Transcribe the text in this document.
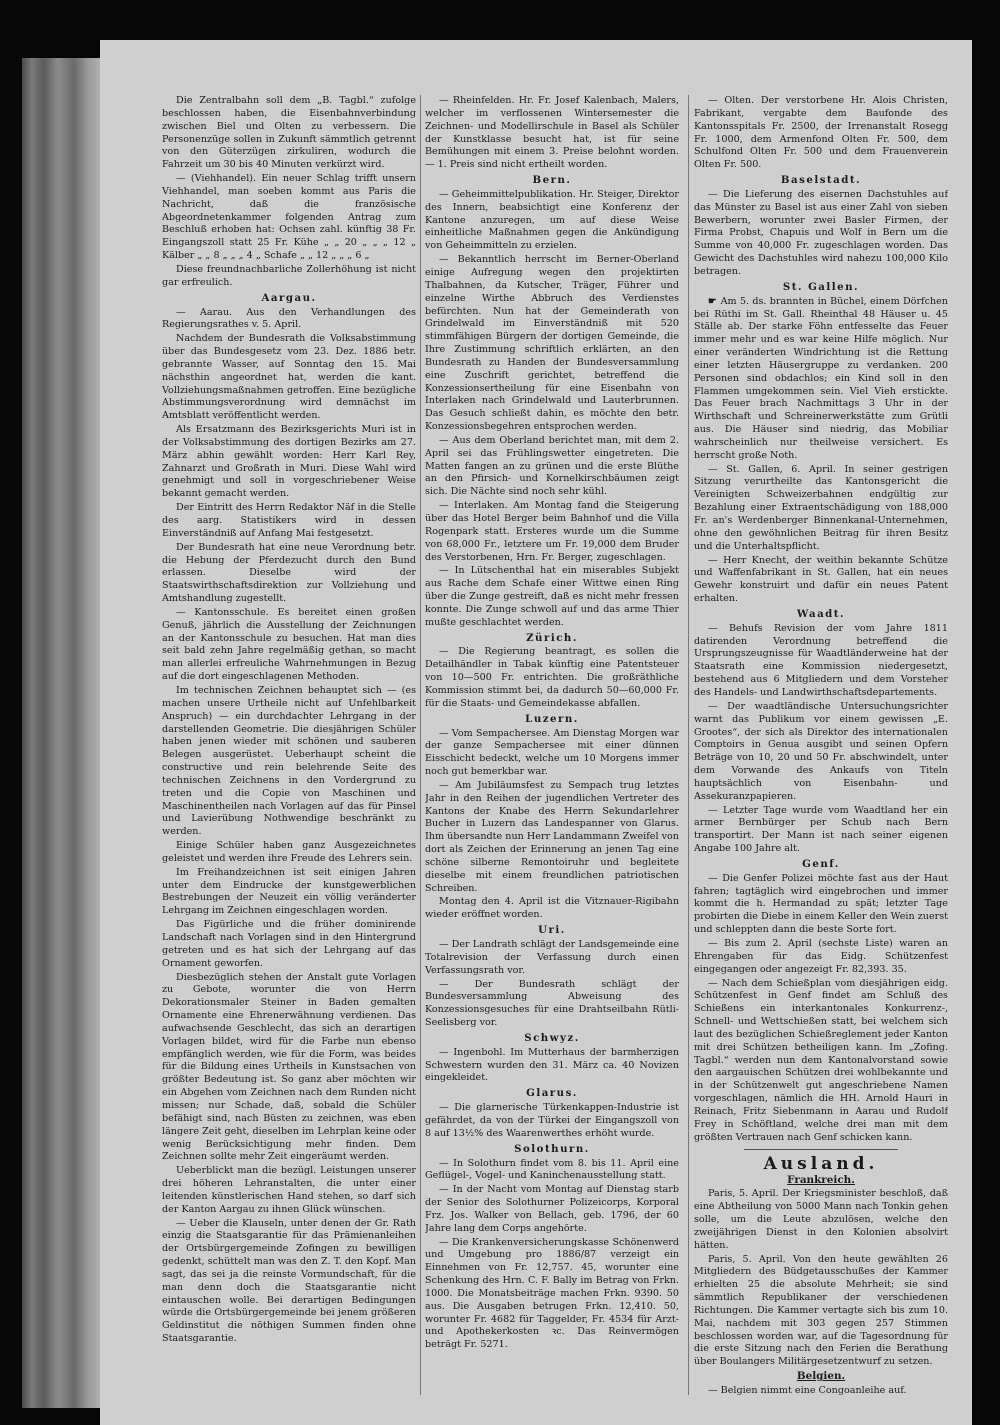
Die Zentralbahn soll dem „B. Tagbl.“ zufolge beschlossen haben, die Eisenbahnverbindung zwischen Biel und Olten zu verbessern. Die Personenzüge sollen in Zukunft sämmtlich getrennt von den Güterzügen zirkuliren, wodurch die Fahrzeit um 30 bis 40 Minuten verkürzt wird.

— (Viehhandel). Ein neuer Schlag trifft unsern Viehhandel, man soeben kommt aus Paris die Nachricht, daß die französische Abgeordnetenkammer folgenden Antrag zum Beschluß erhoben hat: Ochsen zahl. künftig 38 Fr. Eingangszoll statt 25 Fr. Kühe „ „ 20 „ „ „ 12 „ Kälber „ „ 8 „ „ „ 4 „ Schafe „ „ 12 „ „ „ 6 „

Diese freundnachbarliche Zollerhöhung ist nicht gar erfreulich.

Aargau.

— Aarau. Aus den Verhandlungen des Regierungsrathes v. 5. April.

Nachdem der Bundesrath die Volksabstimmung über das Bundesgesetz vom 23. Dez. 1886 betr. gebrannte Wasser, auf Sonntag den 15. Mai nächsthin angeordnet hat, werden die kant. Vollziehungsmaßnahmen getroffen. Eine bezügliche Abstimmungsverordnung wird demnächst im Amtsblatt veröffentlicht werden.

Als Ersatzmann des Bezirksgerichts Muri ist in der Volksabstimmung des dortigen Bezirks am 27. März abhin gewählt worden: Herr Karl Rey, Zahnarzt und Großrath in Muri. Diese Wahl wird genehmigt und soll in vorgeschriebener Weise bekannt gemacht werden.

Der Eintritt des Herrn Redaktor Näf in die Stelle des aarg. Statistikers wird in dessen Einverständniß auf Anfang Mai festgesetzt.

Der Bundesrath hat eine neue Verordnung betr. die Hebung der Pferdezucht durch den Bund erlassen. Dieselbe wird der Staatswirthschaftsdirektion zur Vollziehung und Amtshandlung zugestellt.

— Kantonsschule. Es bereitet einen großen Genuß, jährlich die Ausstellung der Zeichnungen an der Kantonsschule zu besuchen. Hat man dies seit bald zehn Jahre regelmäßig gethan, so macht man allerlei erfreuliche Wahrnehmungen in Bezug auf die dort eingeschlagenen Methoden.

Im technischen Zeichnen behauptet sich — (es machen unsere Urtheile nicht auf Unfehlbarkeit Anspruch) — ein durchdachter Lehrgang in der darstellenden Geometrie. Die diesjährigen Schüler haben jenen wieder mit schönen und sauberen Belegen ausgerüstet. Ueberhaupt scheint die constructive und rein belehrende Seite des technischen Zeichnens in den Vordergrund zu treten und die Copie von Maschinen und Maschinentheilen nach Vorlagen auf das für Pinsel und Lavierübung Nothwendige beschränkt zu werden.

Einige Schüler haben ganz Ausgezeichnetes geleistet und werden ihre Freude des Lehrers sein.

Im Freihandzeichnen ist seit einigen Jahren unter dem Eindrucke der kunstgewerblichen Bestrebungen der Neuzeit ein völlig veränderter Lehrgang im Zeichnen eingeschlagen worden.

Das Figürliche und die früher dominirende Landschaft nach Vorlagen sind in den Hintergrund getreten und es hat sich der Lehrgang auf das Ornament geworfen.

Diesbezüglich stehen der Anstalt gute Vorlagen zu Gebote, worunter die von Herrn Dekorationsmaler Steiner in Baden gemalten Ornamente eine Ehrenerwähnung verdienen. Das aufwachsende Geschlecht, das sich an derartigen Vorlagen bildet, wird für die Farbe nun ebenso empfänglich werden, wie für die Form, was beides für die Bildung eines Urtheils in Kunstsachen von größter Bedeutung ist. So ganz aber möchten wir ein Abgehen vom Zeichnen nach dem Runden nicht missen; nur Schade, daß, sobald die Schüler befähigt sind, nach Büsten zu zeichnen, was eben längere Zeit geht, dieselben im Lehrplan keine oder wenig Berücksichtigung mehr finden. Dem Zeichnen sollte mehr Zeit eingeräumt werden.

Ueberblickt man die bezügl. Leistungen unserer drei höheren Lehranstalten, die unter einer leitenden künstlerischen Hand stehen, so darf sich der Kanton Aargau zu ihnen Glück wünschen.

— Ueber die Klauseln, unter denen der Gr. Rath einzig die Staatsgarantie für das Prämienanleihen der Ortsbürgergemeinde Zofingen zu bewilligen gedenkt, schüttelt man was den Z. T. den Kopf. Man sagt, das sei ja die reinste Vormundschaft, für die man denn doch die Staatsgarantie nicht eintauschen wolle. Bei derartigen Bedingungen würde die Ortsbürgergemeinde bei jenem größeren Geldinstitut die nöthigen Summen finden ohne Staatsgarantie.

— Rheinfelden. Hr. Fr. Josef Kalenbach, Malers, welcher im verflossenen Wintersemester die Zeichnen- und Modellirschule in Basel als Schüler der Kunstklasse besucht hat, ist für seine Bemühungen mit einem 3. Preise belohnt worden. — 1. Preis sind nicht ertheilt worden.

Bern.

— Geheimmittelpublikation. Hr. Steiger, Direktor des Innern, beabsichtigt eine Konferenz der Kantone anzuregen, um auf diese Weise einheitliche Maßnahmen gegen die Ankündigung von Geheimmitteln zu erzielen.

— Bekanntlich herrscht im Berner-Oberland einige Aufregung wegen den projektirten Thalbahnen, da Kutscher, Träger, Führer und einzelne Wirthe Abbruch des Verdienstes befürchten. Nun hat der Gemeinderath von Grindelwald im Einverständniß mit 520 stimmfähigen Bürgern der dortigen Gemeinde, die Ihre Zustimmung schriftlich erklärten, an den Bundesrath zu Handen der Bundesversammlung eine Zuschrift gerichtet, betreffend die Konzessionsertheilung für eine Eisenbahn von Interlaken nach Grindelwald und Lauterbrunnen. Das Gesuch schließt dahin, es möchte den betr. Konzessionsbegehren entsprochen werden.

— Aus dem Oberland berichtet man, mit dem 2. April sei das Frühlingswetter eingetreten. Die Matten fangen an zu grünen und die erste Blüthe an den Pfirsich- und Kornelkirschbäumen zeigt sich. Die Nächte sind noch sehr kühl.

— Interlaken. Am Montag fand die Steigerung über das Hotel Berger beim Bahnhof und die Villa Rogenpark statt. Ersteres wurde um die Summe von 68,000 Fr., letztere um Fr. 19,000 dem Bruder des Verstorbenen, Hrn. Fr. Berger, zugeschlagen.

— In Lütschenthal hat ein miserables Subjekt aus Rache dem Schafe einer Wittwe einen Ring über die Zunge gestreift, daß es nicht mehr fressen konnte. Die Zunge schwoll auf und das arme Thier mußte geschlachtet werden.

Zürich.

— Die Regierung beantragt, es sollen die Detailhändler in Tabak künftig eine Patentsteuer von 10—500 Fr. entrichten. Die großräthliche Kommission stimmt bei, da dadurch 50—60,000 Fr. für die Staats- und Gemeindekasse abfallen.

Luzern.

— Vom Sempachersee. Am Dienstag Morgen war der ganze Sempachersee mit einer dünnen Eisschicht bedeckt, welche um 10 Morgens immer noch gut bemerkbar war.

— Am Jubiläumsfest zu Sempach trug letztes Jahr in den Reihen der jugendlichen Vertreter des Kantons der Knabe des Herrn Sekundarlehrer Bucher in Luzern das Landespanner von Glarus. Ihm übersandte nun Herr Landammann Zweifel von dort als Zeichen der Erinnerung an jenen Tag eine schöne silberne Remontoiruhr und begleitete dieselbe mit einem freundlichen patriotischen Schreiben.

Montag den 4. April ist die Vitznauer-Rigibahn wieder eröffnet worden.

Uri.

— Der Landrath schlägt der Landsgemeinde eine Totalrevision der Verfassung durch einen Verfassungsrath vor.

— Der Bundesrath schlägt der Bundesversammlung Abweisung des Konzessionsgesuches für eine Drahtseilbahn Rütli-Seelisberg vor.

Schwyz.

— Ingenbohl. Im Mutterhaus der barmherzigen Schwestern wurden den 31. März ca. 40 Novizen eingekleidet.

Glarus.

— Die glarnerische Türkenkappen-Industrie ist gefährdet, da von der Türkei der Eingangszoll von 8 auf 13½% des Waarenwerthes erhöht wurde.

Solothurn.

— In Solothurn findet vom 8. bis 11. April eine Geflügel-, Vogel- und Kaninchenausstellung statt.

— In der Nacht vom Montag auf Dienstag starb der Senior des Solothurner Polizeicorps, Korporal Frz. Jos. Walker von Bellach, geb. 1796, der 60 Jahre lang dem Corps angehörte.

— Die Krankenversicherungskasse Schönenwerd und Umgebung pro 1886/87 verzeigt ein Einnehmen von Fr. 12,757. 45, worunter eine Schenkung des Hrn. C. F. Bally im Betrag von Frkn. 1000. Die Monatsbeiträge machen Frkn. 9390. 50 aus. Die Ausgaben betrugen Frkn. 12,410. 50, worunter Fr. 4682 für Taggelder, Fr. 4534 für Arzt- und Apothekerkosten ꝛc. Das Reinvermögen beträgt Fr. 5271.

— Olten. Der verstorbene Hr. Alois Christen, Fabrikant, vergabte dem Baufonde des Kantonsspitals Fr. 2500, der Irrenanstalt Rosegg Fr. 1000, dem Armenfond Olten Fr. 500, dem Schulfond Olten Fr. 500 und dem Frauenverein Olten Fr. 500.

Baselstadt.

— Die Lieferung des eisernen Dachstuhles auf das Münster zu Basel ist aus einer Zahl von sieben Bewerbern, worunter zwei Basler Firmen, der Firma Probst, Chapuis und Wolf in Bern um die Summe von 40,000 Fr. zugeschlagen worden. Das Gewicht des Dachstuhles wird nahezu 100,000 Kilo betragen.

St. Gallen.

☛ Am 5. ds. brannten in Büchel, einem Dörfchen bei Rüthi im St. Gall. Rheinthal 48 Häuser u. 45 Ställe ab. Der starke Föhn entfesselte das Feuer immer mehr und es war keine Hilfe möglich. Nur einer veränderten Windrichtung ist die Rettung einer letzten Häusergruppe zu verdanken. 200 Personen sind obdachlos; ein Kind soll in den Flammen umgekommen sein. Viel Vieh erstickte. Das Feuer brach Nachmittags 3 Uhr in der Wirthschaft und Schreinerwerkstätte zum Grütli aus. Die Häuser sind niedrig, das Mobiliar wahrscheinlich nur theilweise versichert. Es herrscht große Noth.

— St. Gallen, 6. April. In seiner gestrigen Sitzung verurtheilte das Kantonsgericht die Vereinigten Schweizerbahnen endgültig zur Bezahlung einer Extraentschädigung von 188,000 Fr. an's Werdenberger Binnenkanal-Unternehmen, ohne den gewöhnlichen Beitrag für ihren Besitz und die Unterhaltspflicht.

— Herr Knecht, der weithin bekannte Schütze und Waffenfabrikant in St. Gallen, hat ein neues Gewehr konstruirt und dafür ein neues Patent erhalten.

Waadt.

— Behufs Revision der vom Jahre 1811 datirenden Verordnung betreffend die Ursprungszeugnisse für Waadtländerweine hat der Staatsrath eine Kommission niedergesetzt, bestehend aus 6 Mitgliedern und dem Vorsteher des Handels- und Landwirthschaftsdepartements.

— Der waadtländische Untersuchungsrichter warnt das Publikum vor einem gewissen „E. Grootes“, der sich als Direktor des internationalen Comptoirs in Genua ausgibt und seinen Opfern Beträge von 10, 20 und 50 Fr. abschwindelt, unter dem Vorwande des Ankaufs von Titeln hauptsächlich von Eisenbahn- und Assekuranzpapieren.

— Letzter Tage wurde vom Waadtland her ein armer Bernbürger per Schub nach Bern transportirt. Der Mann ist nach seiner eigenen Angabe 100 Jahre alt.

Genf.

— Die Genfer Polizei möchte fast aus der Haut fahren; tagtäglich wird eingebrochen und immer kommt die h. Hermandad zu spät; letzter Tage probirten die Diebe in einem Keller den Wein zuerst und schleppten dann die beste Sorte fort.

— Bis zum 2. April (sechste Liste) waren an Ehrengaben für das Eidg. Schützenfest eingegangen oder angezeigt Fr. 82,393. 35.

— Nach dem Schießplan vom diesjährigen eidg. Schützenfest in Genf findet am Schluß des Schießens ein interkantonales Konkurrenz-, Schnell- und Wettschießen statt, bei welchem sich laut des bezüglichen Schießreglement jeder Kanton mit drei Schützen betheiligen kann. Im „Zofing. Tagbl.“ werden nun dem Kantonalvorstand sowie den aargauischen Schützen drei wohlbekannte und in der Schützenwelt gut angeschriebene Namen vorgeschlagen, nämlich die HH. Arnold Hauri in Reinach, Fritz Siebenmann in Aarau und Rudolf Frey in Schöftland, welche drei man mit dem größten Vertrauen nach Genf schicken kann.

Ausland.
Frankreich.

Paris, 5. April. Der Kriegsminister beschloß, daß eine Abtheilung von 5000 Mann nach Tonkin gehen solle, um die Leute abzulösen, welche den zweijährigen Dienst in den Kolonien absolvirt hätten.

Paris, 5. April. Von den heute gewählten 26 Mitgliedern des Büdgetausschußes der Kammer erhielten 25 die absolute Mehrheit; sie sind sämmtlich Republikaner der verschiedenen Richtungen. Die Kammer vertagte sich bis zum 10. Mai, nachdem mit 303 gegen 257 Stimmen beschlossen worden war, auf die Tagesordnung für die erste Sitzung nach den Ferien die Berathung über Boulangers Militärgesetzentwurf zu setzen.

Belgien.

— Belgien nimmt eine Congoanleihe auf.
